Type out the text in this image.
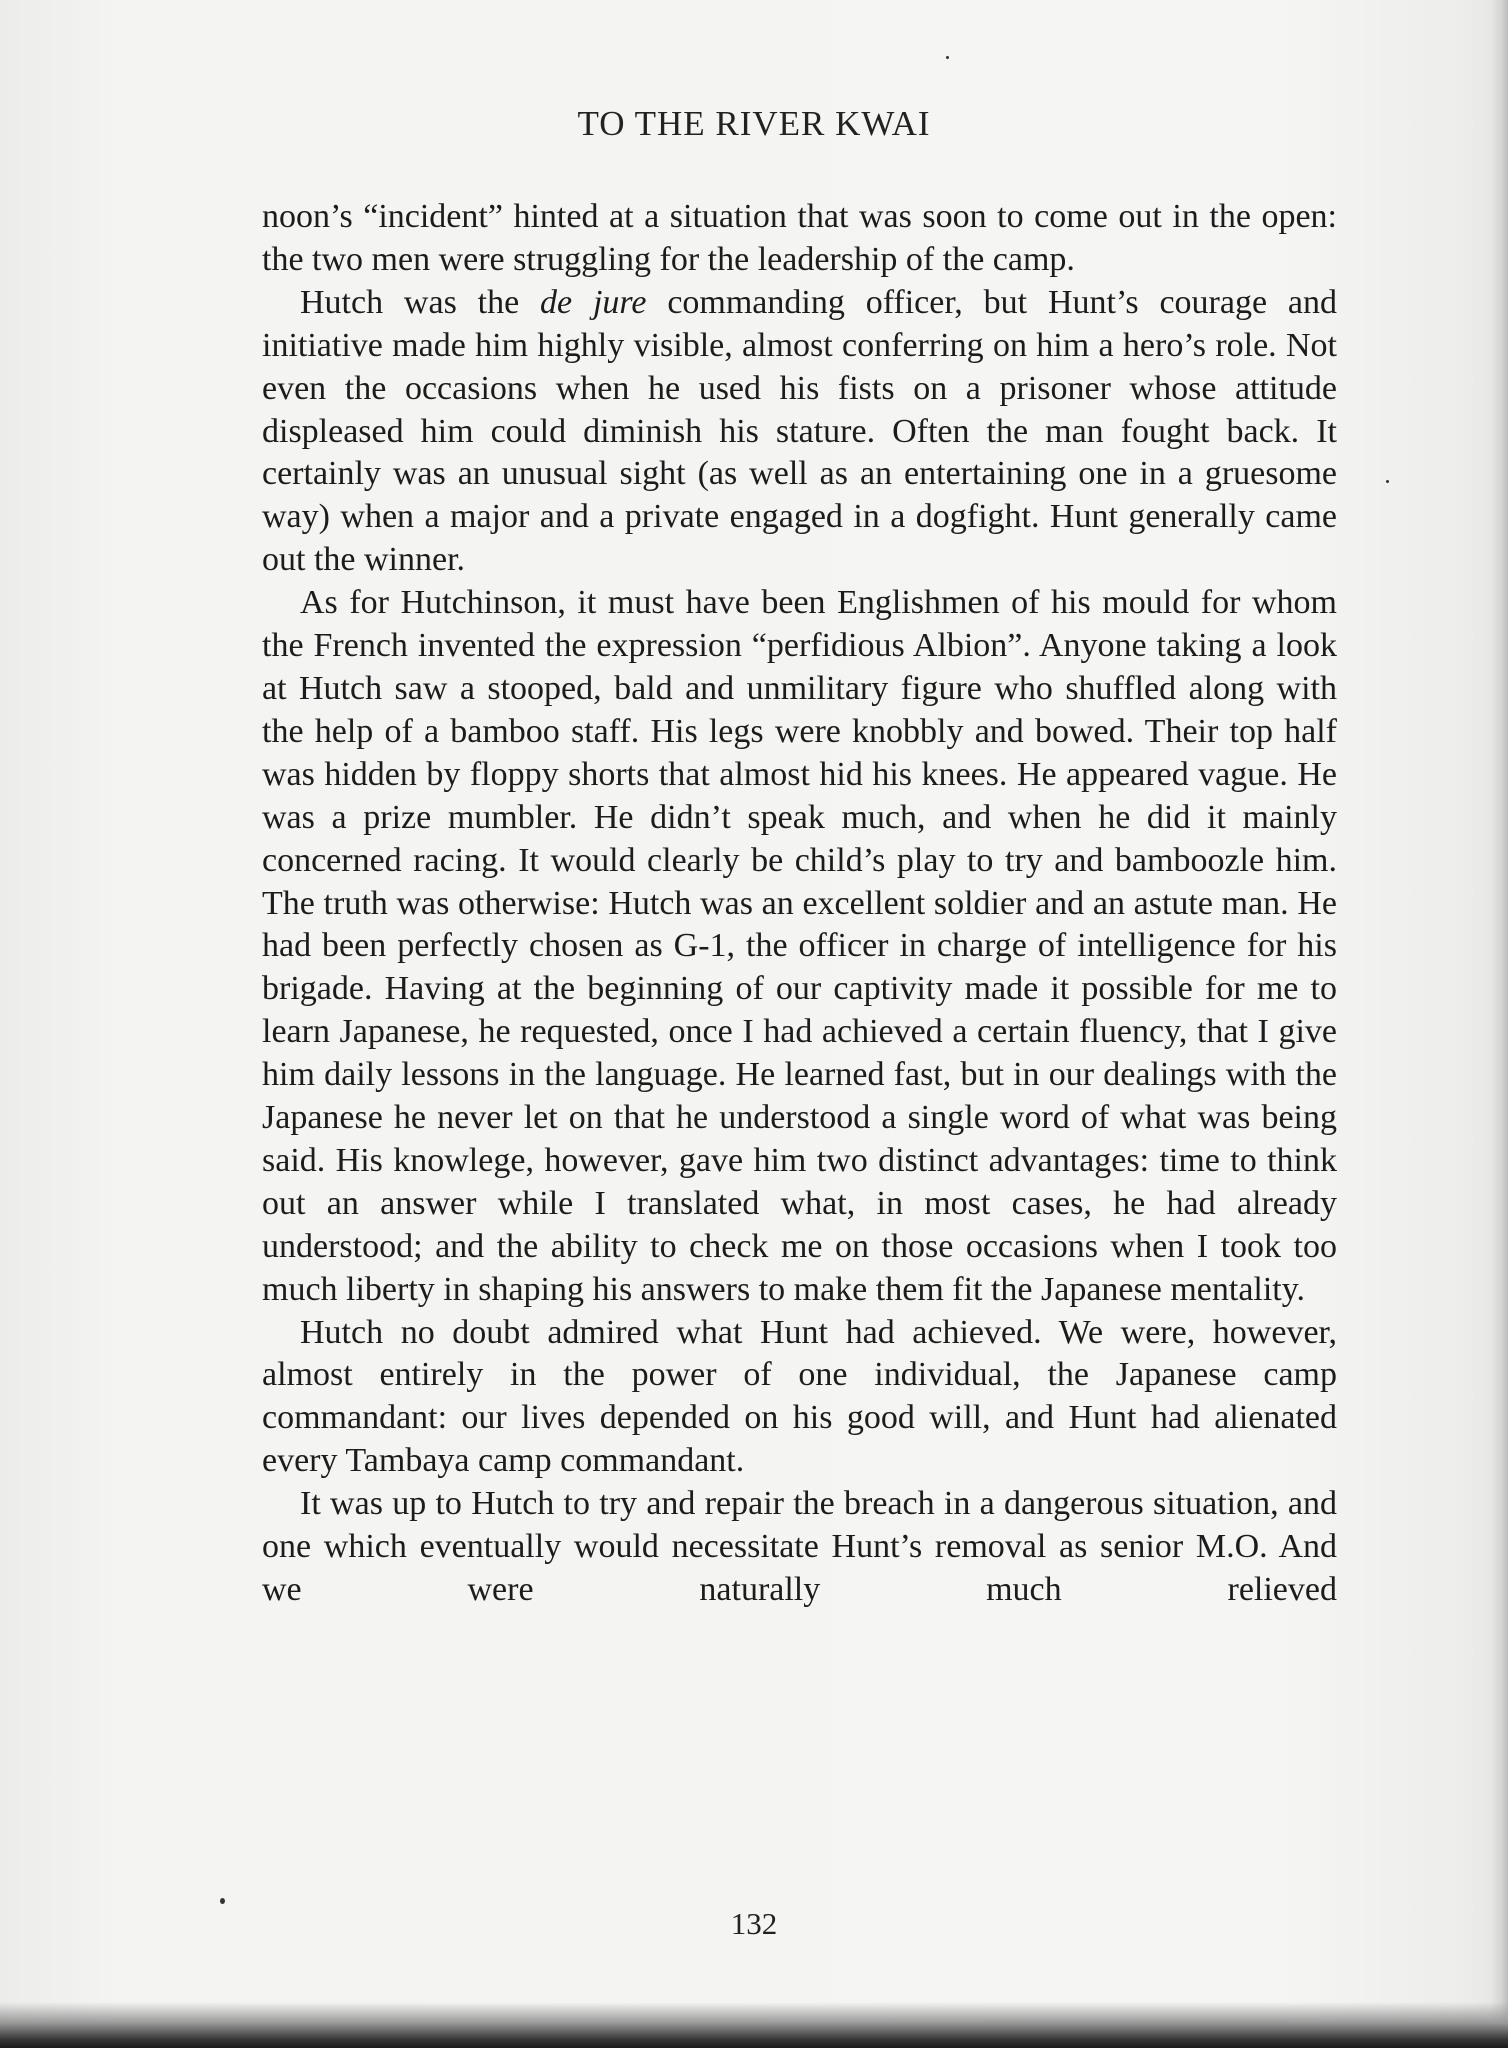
TO THE RIVER KWAI

noon’s “incident” hinted at a situation that was soon to come out in the open: the two men were struggling for the leadership of the camp.

Hutch was the de jure commanding officer, but Hunt’s courage and initiative made him highly visible, almost conferring on him a hero’s role. Not even the occasions when he used his fists on a prisoner whose attitude displeased him could diminish his stature. Often the man fought back. It certainly was an unusual sight (as well as an entertaining one in a gruesome way) when a major and a private engaged in a dogfight. Hunt generally came out the winner.

As for Hutchinson, it must have been Englishmen of his mould for whom the French invented the expression “perfidious Albion”. Anyone taking a look at Hutch saw a stooped, bald and unmilitary figure who shuffled along with the help of a bamboo staff. His legs were knobbly and bowed. Their top half was hidden by floppy shorts that almost hid his knees. He appeared vague. He was a prize mumbler. He didn’t speak much, and when he did it mainly concerned racing. It would clearly be child’s play to try and bamboozle him. The truth was otherwise: Hutch was an excellent soldier and an astute man. He had been perfectly chosen as G-1, the officer in charge of intelligence for his brigade. Having at the beginning of our captivity made it possible for me to learn Japanese, he requested, once I had achieved a certain fluency, that I give him daily lessons in the language. He learned fast, but in our dealings with the Japanese he never let on that he understood a single word of what was being said. His knowlege, however, gave him two distinct advantages: time to think out an answer while I translated what, in most cases, he had already understood; and the ability to check me on those occasions when I took too much liberty in shaping his answers to make them fit the Japanese mentality.

Hutch no doubt admired what Hunt had achieved. We were, however, almost entirely in the power of one individual, the Japanese camp commandant: our lives depended on his good will, and Hunt had alienated every Tambaya camp commandant.

It was up to Hutch to try and repair the breach in a dangerous situation, and one which eventually would necessitate Hunt’s removal as senior M.O. And we were naturally much relieved

132
